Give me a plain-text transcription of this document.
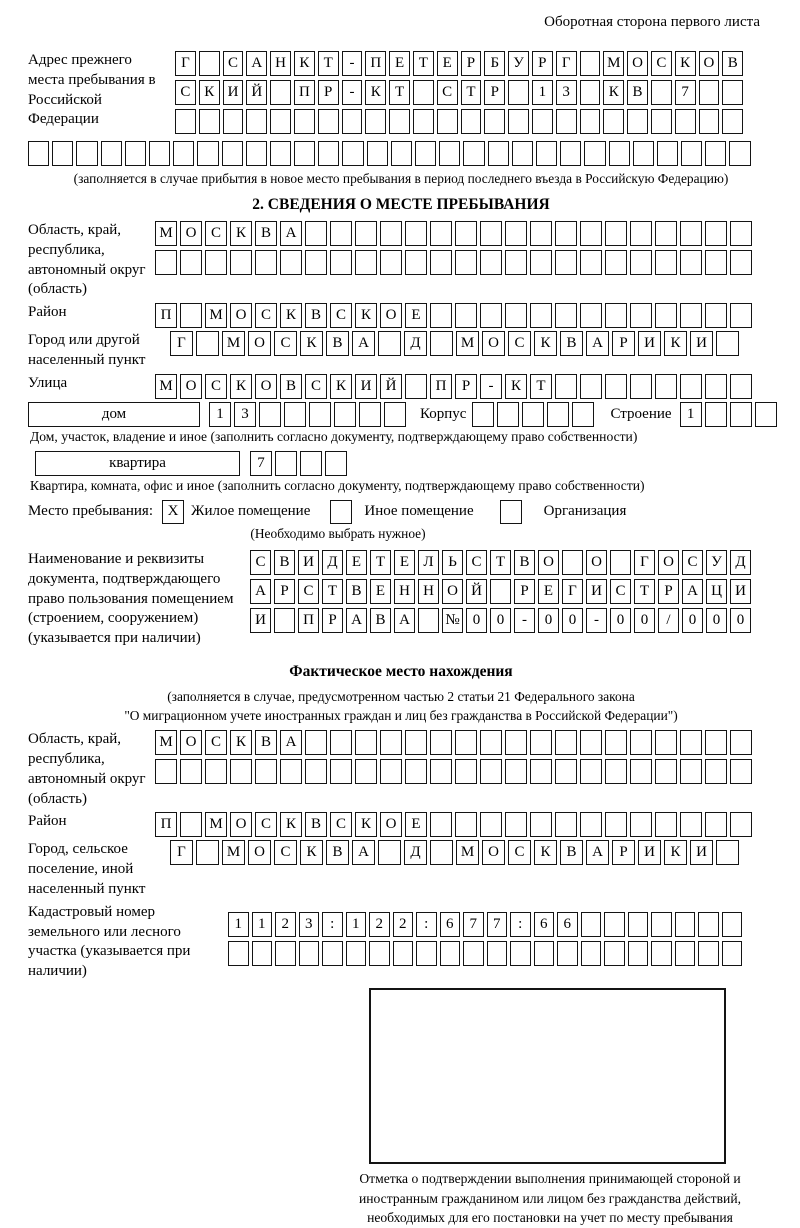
Оборотная сторона первого листа
Адрес прежнего места пребывания в Российской Федерации
Г	С А Н К Т	-	П Е Т Е	Р	Б У Р	Г	М О С К О В
С К И Й	П Р	-	К Т	С Т	Р	1	3	К В	7
(заполняется в случае прибытия в новое место пребывания в период последнего въезда в Российскую Федерацию)
2. СВЕДЕНИЯ О МЕСТЕ ПРЕБЫВАНИЯ
Область, край, республика, автономный округ (область)
М О С К В А
Район	П	М О С К В С К О Е
Город или другой населенный пункт
Г	М О	С	К	В	А	Д	М О	С	К	В	А	Р	И	К	И
Улица	М О С К О В С К И Й	П	Р	-	К	Т
дом	1	3	Корпус	Строение	1
Дом, участок, владение и иное (заполнить согласно документу, подтверждающему право собственности)
квартира	7
Квартира, комната, офис и иное (заполнить согласно документу, подтверждающему право собственности)
Место пребывания: X Жилое помещение	Иное помещение	Организация
(Необходимо выбрать нужное)
Наименование и реквизиты документа, подтверждающего право пользования помещением (строением, сооружением) (указывается при наличии)
С В И Д Е Т Е Л Ь С Т В О	О	Г О С У Д
А Р С Т В Е Н Н О Й	Р	Е	Г И С Т	Р А Ц И
И	П Р А В А	№ 0	0	-	0	0	-	0	0	/	0	0	0
Фактическое место нахождения
(заполняется в случае, предусмотренном частью 2 статьи 21 Федерального закона
"О миграционном учете иностранных граждан и лиц без гражданства в Российской Федерации")
Область, край, республика, автономный округ (область)
М О С К В А
Район	П	М О С К В С К О Е
Город, сельское поселение, иной населенный пункт
Г	М О	С	К	В	А	Д	М О	С	К	В	А	Р	И	К	И
Кадастровый номер земельного или лесного участка (указывается при наличии)
1	1	2	3	:	1	2	2	:	6	7	7	:	6	6
Отметка о подтверждении выполнения принимающей стороной и иностранным гражданином или лицом без гражданства действий, необходимых для его постановки на учет по месту пребывания
